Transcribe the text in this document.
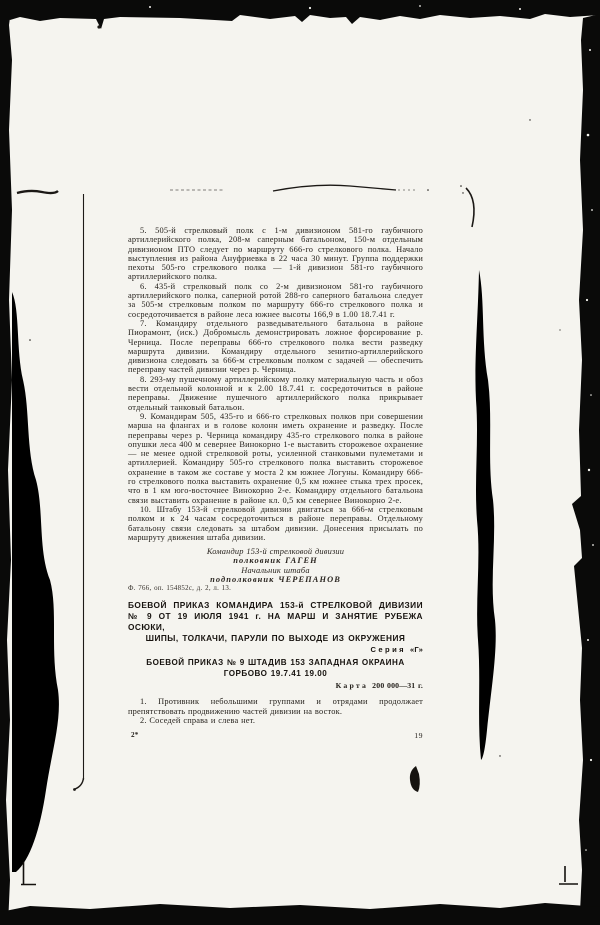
5. 505-й стрелковый полк с 1-м дивизионом 581-го гаубичного артиллерийского полка, 208-м саперным батальоном, 150-м отдельным дивизионом ПТО следует по маршруту 666-го стрелкового полка. Начало выступления из района Ануфриевка в 22 часа 30 минут. Группа поддержки пехоты 505-го стрелкового полка — 1-й дивизион 581-го гаубичного артиллерийского полка.

6. 435-й стрелковый полк со 2-м дивизионом 581-го гаубичного артиллерийского полка, саперной ротой 288-го саперного батальона следует за 505-м стрелковым полком по маршруту 666-го стрелкового полка и сосредоточивается в районе леса южнее высоты 166,9 в 1.00 18.7.41 г.

7. Командиру отдельного разведывательного батальона в районе Пиорамонт, (иск.) Добромысль демонстрировать ложное форсирование р. Черница. После переправы 666-го стрелкового полка вести разведку маршрута дивизии. Командиру отдельного зенитно-артиллерийского дивизиона следовать за 666-м стрелковым полком с задачей — обеспечить переправу частей дивизии через р. Черница.

8. 293-му пушечному артиллерийскому полку материальную часть и обоз вести отдельной колонной и к 2.00 18.7.41 г. сосредоточиться в районе переправы. Движение пушечного артиллерийского полка прикрывает отдельный танковый батальон.

9. Командирам 505, 435-го и 666-го стрелковых полков при совершении марша на флангах и в голове колонн иметь охранение и разведку. После переправы через р. Черница командиру 435-го стрелкового полка в районе опушки леса 400 м севернее Винокорно 1-е выставить сторожевое охранение — не менее одной стрелковой роты, усиленной станковыми пулеметами и артиллерией. Командиру 505-го стрелкового полка выставить сторожевое охранение в таком же составе у моста 2 км южнее Логуны. Командиру 666-го стрелкового полка выставить охранение 0,5 км южнее стыка трех просек, что в 1 км юго-восточнее Винокорно 2-е. Командиру отдельного батальона связи выставить охранение в районе кл. 0,5 км севернее Винокорно 2-е.

10. Штабу 153-й стрелковой дивизии двигаться за 666-м стрелковым полком и к 24 часам сосредоточиться в районе переправы. Отдельному батальону связи следовать за штабом дивизии. Донесения присылать по маршруту движения штаба дивизии.

Командир 153-й стрелковой дивизии
полковник ГАГЕН
Начальник штаба
подполковник ЧЕРЕПАНОВ
Ф. 766, оп. 154852с, д. 2, л. 13.
БОЕВОЙ ПРИКАЗ КОМАНДИРА 153-й СТРЕЛКОВОЙ ДИВИЗИИ
№ 9 ОТ 19 ИЮЛЯ 1941 г. НА МАРШ И ЗАНЯТИЕ РУБЕЖА ОСЮКИ,
ШИПЫ, ТОЛКАЧИ, ПАРУЛИ ПО ВЫХОДЕ ИЗ ОКРУЖЕНИЯ
Серия «Г»
БОЕВОЙ ПРИКАЗ № 9 ШТАДИВ 153 ЗАПАДНАЯ ОКРАИНА
ГОРБОВО 19.7.41 19.00
Карта 200 000—31 г.

1. Противник небольшими группами и отрядами продолжает препятствовать продвижению частей дивизии на восток.

2. Соседей справа и слева нет.

2*	19
